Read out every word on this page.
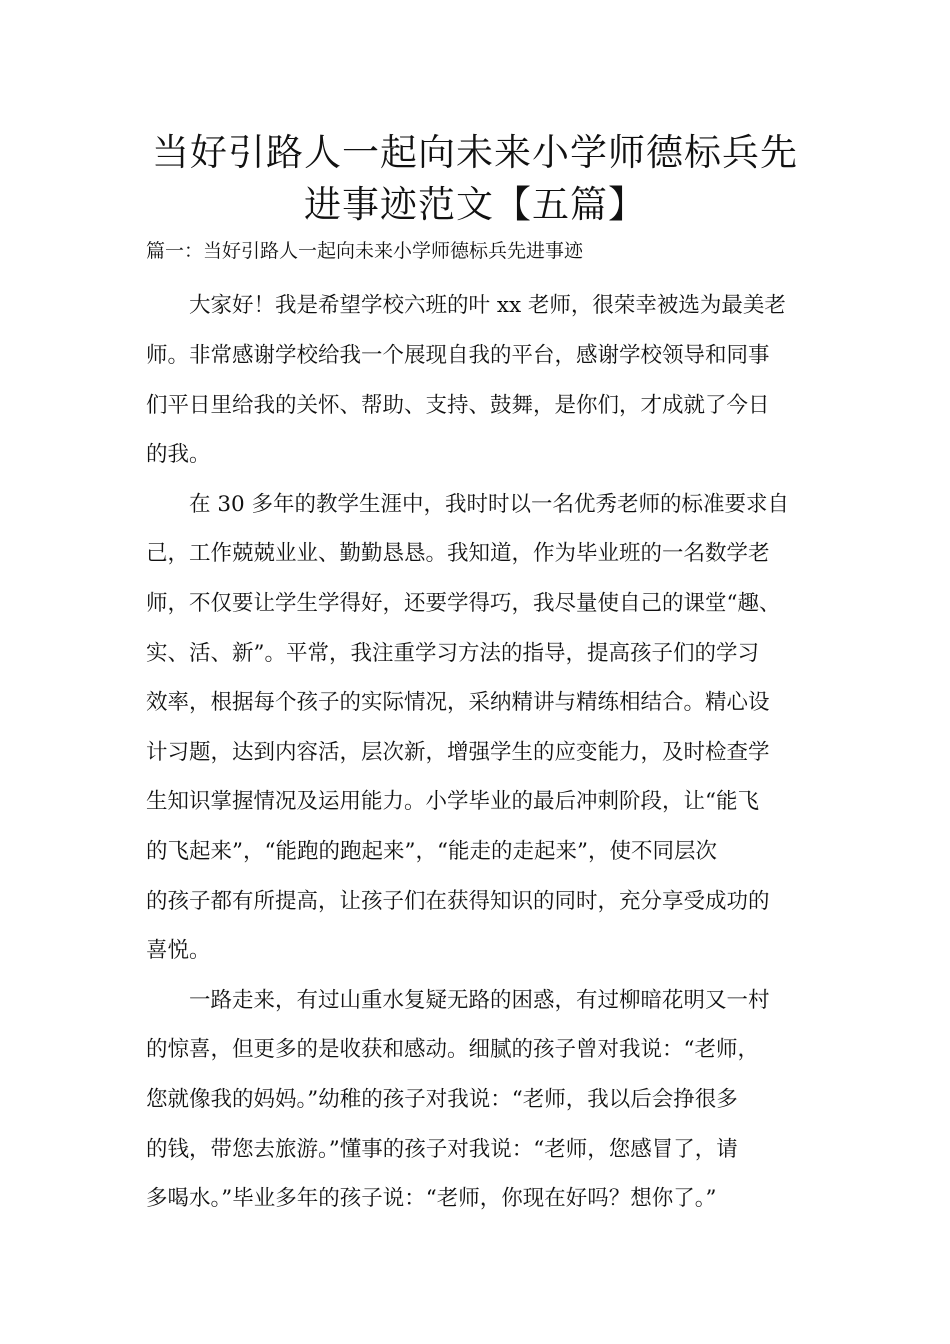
当好引路人一起向未来小学师德标兵先
进事迹范文【五篇】
篇一：当好引路人一起向未来小学师德标兵先进事迹
大家好！我是希望学校六班的叶 xx 老师，很荣幸被选为最美老
师。非常感谢学校给我一个展现自我的平台，感谢学校领导和同事
们平日里给我的关怀、帮助、支持、鼓舞，是你们，才成就了今日
的我。
在 30 多年的教学生涯中，我时时以一名优秀老师的标准要求自
己，工作兢兢业业、勤勤恳恳。我知道，作为毕业班的一名数学老
师，不仅要让学生学得好，还要学得巧，我尽量使自己的课堂“趣、
实、活、新”。平常，我注重学习方法的指导，提高孩子们的学习
效率，根据每个孩子的实际情况，采纳精讲与精练相结合。精心设
计习题，达到内容活，层次新，增强学生的应变能力，及时检查学
生知识掌握情况及运用能力。小学毕业的最后冲刺阶段，让“能飞
的飞起来”，“能跑的跑起来”，“能走的走起来”，使不同层次
的孩子都有所提高，让孩子们在获得知识的同时，充分享受成功的
喜悦。
一路走来，有过山重水复疑无路的困惑，有过柳暗花明又一村
的惊喜，但更多的是收获和感动。细腻的孩子曾对我说：“老师，
您就像我的妈妈。”幼稚的孩子对我说：“老师，我以后会挣很多
的钱，带您去旅游。”懂事的孩子对我说：“老师，您感冒了，请
多喝水。”毕业多年的孩子说：“老师，你现在好吗？想你了。”
